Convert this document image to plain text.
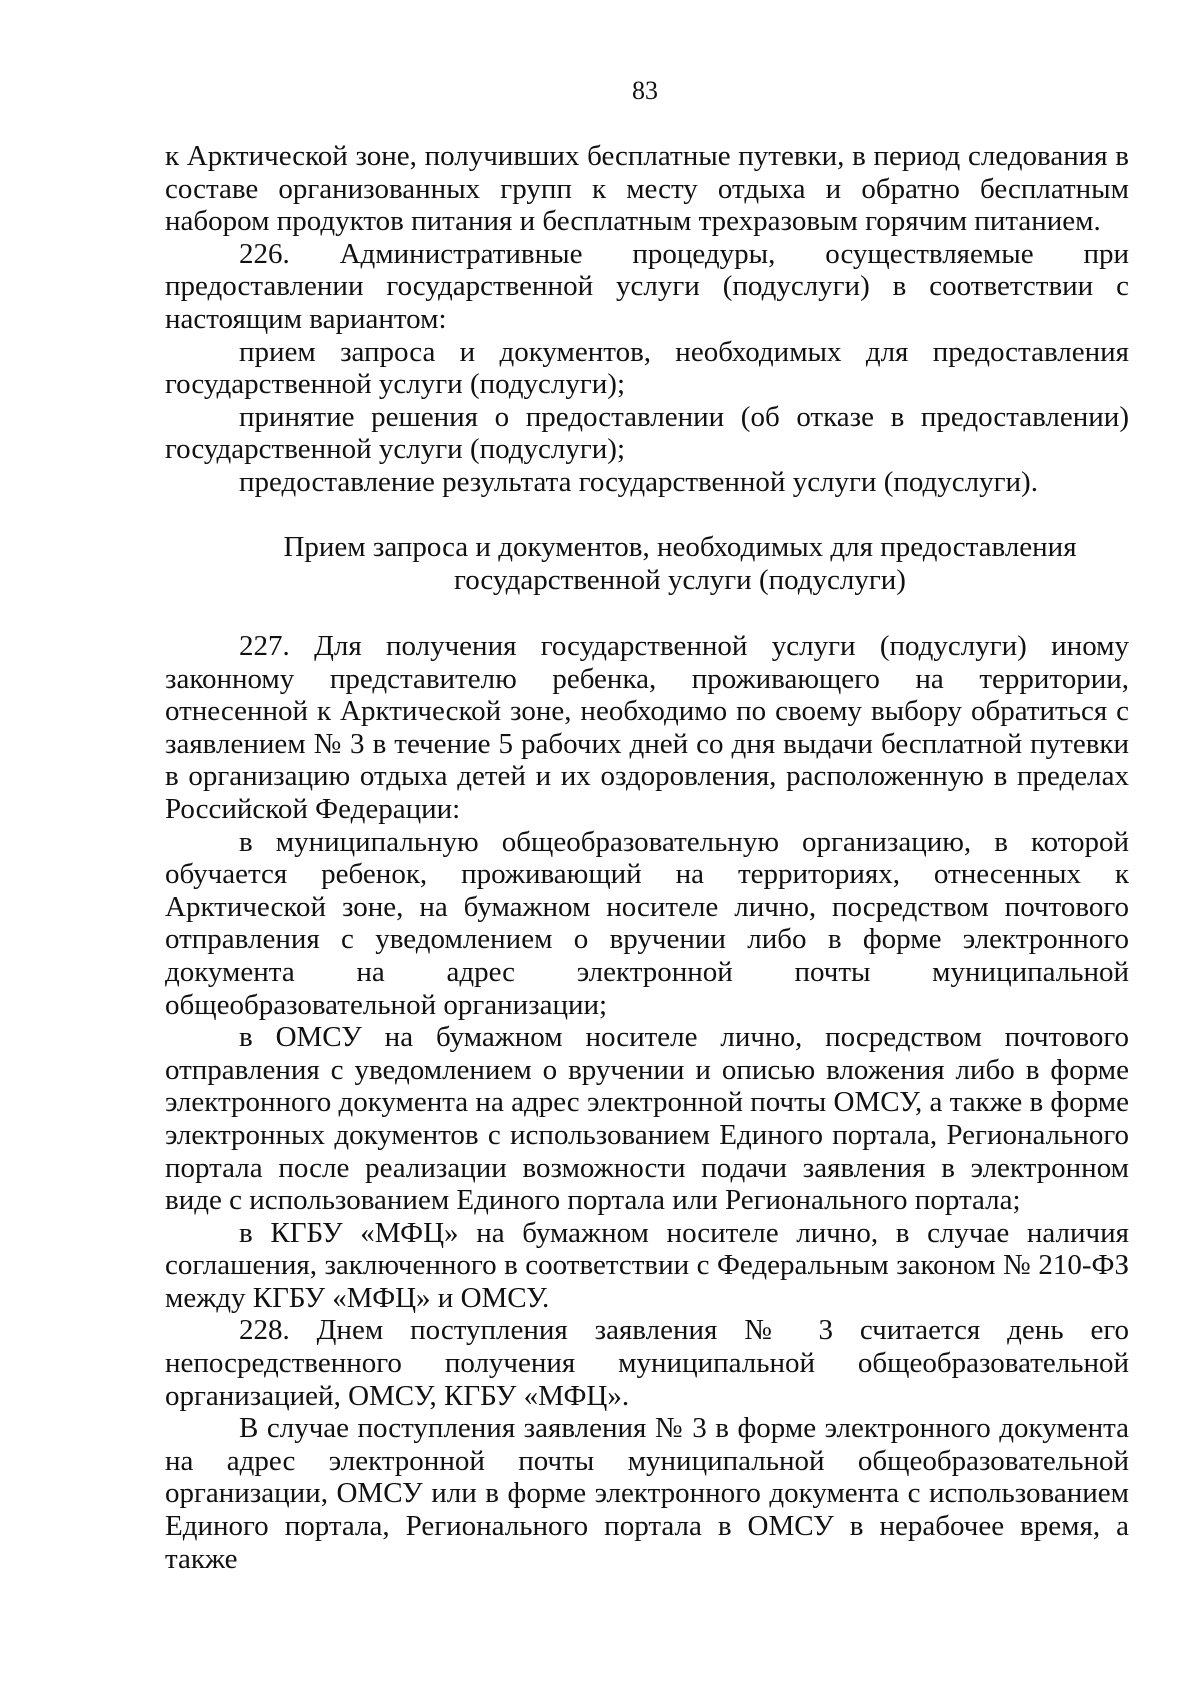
83

к Арктической зоне, получивших бесплатные путевки, в период следования в составе организованных групп к месту отдыха и обратно бесплатным набором продуктов питания и бесплатным трехразовым горячим питанием.

226. Административные процедуры, осуществляемые при предоставлении государственной услуги (подуслуги) в соответствии с настоящим вариантом:

прием запроса и документов, необходимых для предоставления государственной услуги (подуслуги);

принятие решения о предоставлении (об отказе в предоставлении) государственной услуги (подуслуги);

предоставление результата государственной услуги (подуслуги).

Прием запроса и документов, необходимых для предоставления
государственной услуги (подуслуги)

227. Для получения государственной услуги (подуслуги) иному законному представителю ребенка, проживающего на территории, отнесенной к Арктической зоне, необходимо по своему выбору обратиться с заявлением № 3 в течение 5 рабочих дней со дня выдачи бесплатной путевки в организацию отдыха детей и их оздоровления, расположенную в пределах Российской Федерации:

в муниципальную общеобразовательную организацию, в которой обучается ребенок, проживающий на территориях, отнесенных к Арктической зоне, на бумажном носителе лично, посредством почтового отправления с уведомлением о вручении либо в форме электронного документа на адрес электронной почты муниципальной общеобразовательной организации;

в ОМСУ на бумажном носителе лично, посредством почтового отправления с уведомлением о вручении и описью вложения либо в форме электронного документа на адрес электронной почты ОМСУ, а также в форме электронных документов с использованием Единого портала, Регионального портала после реализации возможности подачи заявления в электронном виде с использованием Единого портала или Регионального портала;

в КГБУ «МФЦ» на бумажном носителе лично, в случае наличия соглашения, заключенного в соответствии с Федеральным законом № 210-ФЗ между КГБУ «МФЦ» и ОМСУ.

228. Днем поступления заявления № 3 считается день его непосредственного получения муниципальной общеобразовательной организацией, ОМСУ, КГБУ «МФЦ».

В случае поступления заявления № 3 в форме электронного документа на адрес электронной почты муниципальной общеобразовательной организации, ОМСУ или в форме электронного документа с использованием Единого портала, Регионального портала в ОМСУ в нерабочее время, а также
